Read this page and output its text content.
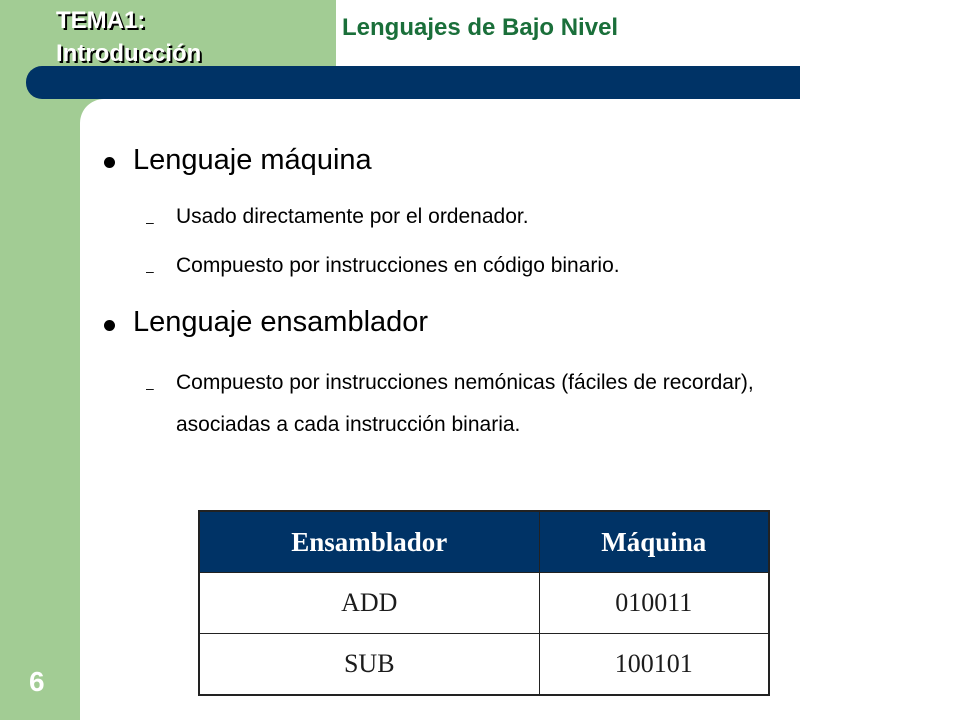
TEMA1:
Introducción
Lenguajes de Bajo Nivel
Lenguaje máquina
– Usado directamente por el ordenador.
– Compuesto por instrucciones en código binario.
Lenguaje ensamblador
– Compuesto por instrucciones nemónicas (fáciles de recordar), asociadas a cada instrucción binaria.
Ensamblador	Máquina
ADD	010011
SUB	100101
6
